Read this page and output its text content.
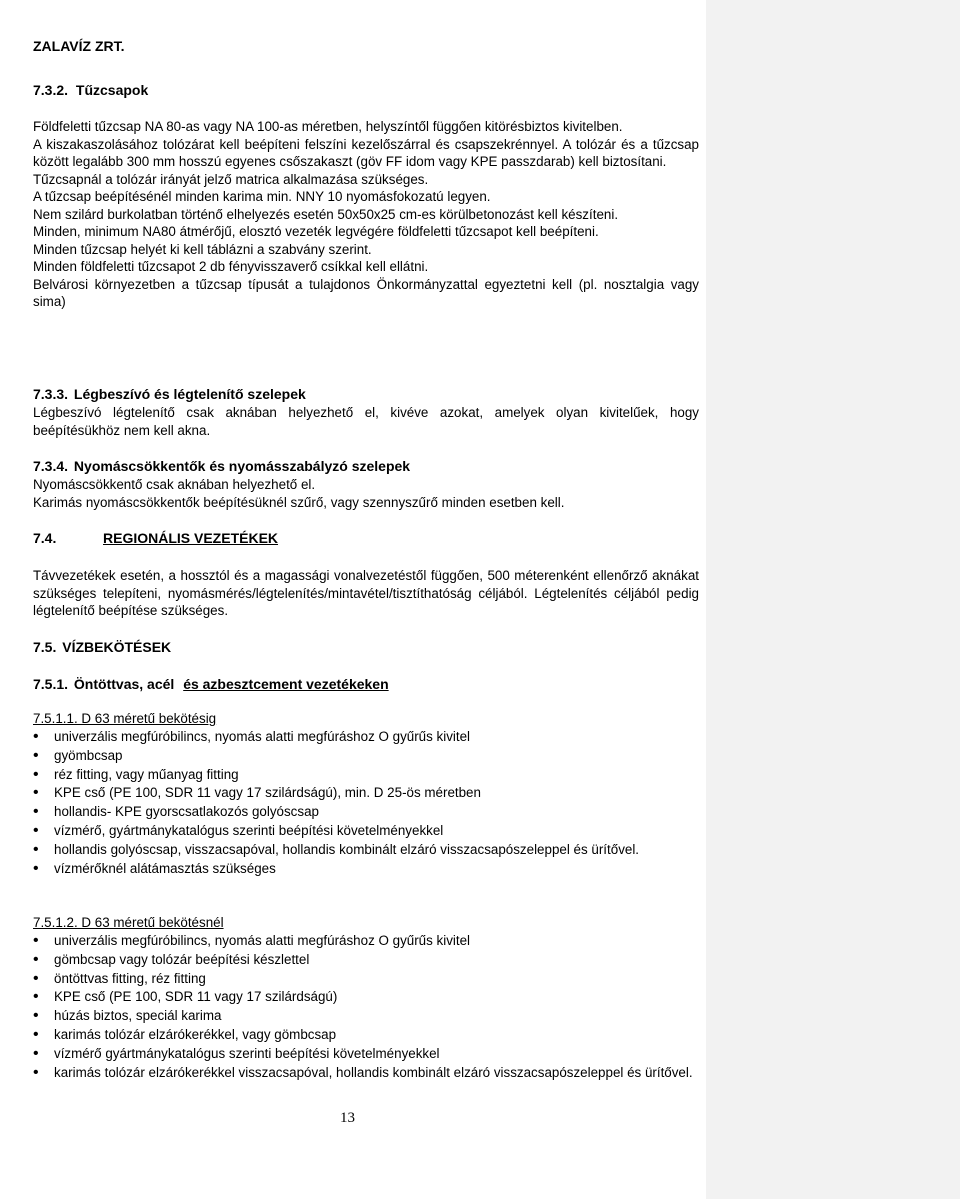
ZALAVÍZ ZRT.
7.3.2. Tűzcsapok
Földfeletti tűzcsap NA 80-as vagy NA 100-as méretben, helyszíntől függően kitörésbiztos kivitelben.
A kiszakaszolásához tolózárat kell beépíteni felszíni kezelőszárral és csapszekrénnyel. A tolózár és a tűzcsap között legalább 300 mm hosszú egyenes csőszakaszt (göv FF idom vagy KPE passzdarab) kell biztosítani.
Tűzcsapnál a tolózár irányát jelző matrica alkalmazása szükséges.
A tűzcsap beépítésénél minden karima min. NNY 10 nyomásfokozatú legyen.
Nem szilárd burkolatban történő elhelyezés esetén 50x50x25 cm-es körülbetonozást kell készíteni.
Minden, minimum NA80 átmérőjű, elosztó vezeték legvégére földfeletti tűzcsapot kell beépíteni.
Minden tűzcsap helyét ki kell táblázni a szabvány szerint.
Minden földfeletti tűzcsapot 2 db fényvisszaverő csíkkal kell ellátni.
Belvárosi környezetben a tűzcsap típusát a tulajdonos Önkormányzattal egyeztetni kell (pl. nosztalgia vagy sima)
7.3.3. Légbeszívó és légtelenítő szelepek
Légbeszívó légtelenítő csak aknában helyezhető el, kivéve azokat, amelyek olyan kivitelűek, hogy beépítésükhöz nem kell akna.
7.3.4. Nyomáscsökkentők és nyomásszabályzó szelepek
Nyomáscsökkentő csak aknában helyezhető el.
Karimás nyomáscsökkentők beépítésüknél szűrő, vagy szennyszűrő minden esetben kell.
7.4.	REGIONÁLIS VEZETÉKEK
Távvezetékek esetén, a hossztól és a magassági vonalvezetéstől függően, 500 méterenként ellenőrző aknákat szükséges telepíteni, nyomásmérés/légtelenítés/mintavétel/tisztíthatóság céljából. Légtelenítés céljából pedig légtelenítő beépítése szükséges.
7.5. VÍZBEKÖTÉSEK
7.5.1. Öntöttvas, acél és azbesztcement vezetékeken
7.5.1.1. D 63 méretű bekötésig
• univerzális megfúróbilincs, nyomás alatti megfúráshoz O gyűrűs kivitel
• gyömbcsap
• réz fitting, vagy műanyag fitting
• KPE cső (PE 100, SDR 11 vagy 17 szilárdságú), min. D 25-ös méretben
• hollandis- KPE gyorscsatlakozós golyóscsap
• vízmérő, gyártmánykatalógus szerinti beépítési követelményekkel
• hollandis golyóscsap, visszacsapóval, hollandis kombinált elzáró visszacsapószeleppel és ürítővel.
• vízmérőknél alátámasztás szükséges
7.5.1.2. D 63 méretű bekötésnél
• univerzális megfúróbilincs, nyomás alatti megfúráshoz O gyűrűs kivitel
• gömbcsap vagy tolózár beépítési készlettel
• öntöttvas fitting, réz fitting
• KPE cső (PE 100, SDR 11 vagy 17 szilárdságú)
• húzás biztos, speciál karima
• karimás tolózár elzárókerékkel, vagy gömbcsap
• vízmérő gyártmánykatalógus szerinti beépítési követelményekkel
• karimás tolózár elzárókerékkel visszacsapóval, hollandis kombinált elzáró visszacsapószeleppel és ürítővel.
13
